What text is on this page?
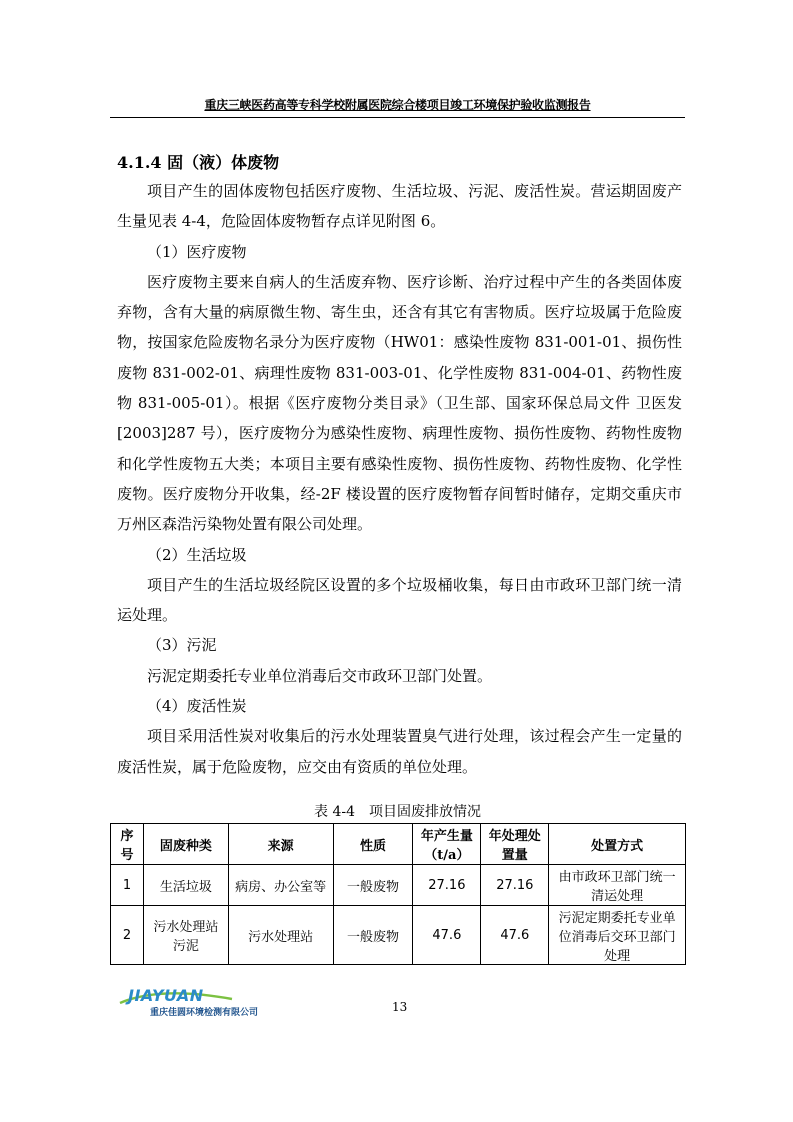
重庆三峡医药高等专科学校附属医院综合楼项目竣工环境保护验收监测报告
4.1.4 固（液）体废物

项目产生的固体废物包括医疗废物、生活垃圾、污泥、废活性炭。营运期固废产生量见表 4-4，危险固体废物暂存点详见附图 6。

（1）医疗废物

医疗废物主要来自病人的生活废弃物、医疗诊断、治疗过程中产生的各类固体废弃物，含有大量的病原微生物、寄生虫，还含有其它有害物质。医疗垃圾属于危险废物，按国家危险废物名录分为医疗废物（HW01：感染性废物 831-001-01、损伤性废物 831-002-01、病理性废物 831-003-01、化学性废物 831-004-01、药物性废物 831-005-01）。根据《医疗废物分类目录》（卫生部、国家环保总局文件 卫医发[2003]287 号），医疗废物分为感染性废物、病理性废物、损伤性废物、药物性废物和化学性废物五大类；本项目主要有感染性废物、损伤性废物、药物性废物、化学性废物。医疗废物分开收集，经-2F 楼设置的医疗废物暂存间暂时储存，定期交重庆市万州区森浩污染物处置有限公司处理。

（2）生活垃圾

项目产生的生活垃圾经院区设置的多个垃圾桶收集，每日由市政环卫部门统一清运处理。

（3）污泥

污泥定期委托专业单位消毒后交市政环卫部门处置。

（4）废活性炭

项目采用活性炭对收集后的污水处理装置臭气进行处理，该过程会产生一定量的废活性炭，属于危险废物，应交由有资质的单位处理。

表 4-4　项目固废排放情况
序号	固废种类	来源	性质	年产生量（t/a）	年处理处置量	处置方式
1	生活垃圾	病房、办公室等	一般废物	27.16	27.16	由市政环卫部门统一清运处理
2	污水处理站污泥	污水处理站	一般废物	47.6	47.6	污泥定期委托专业单位消毒后交环卫部门处理
JIAYUAN
重庆佳圆环境检测有限公司	13
